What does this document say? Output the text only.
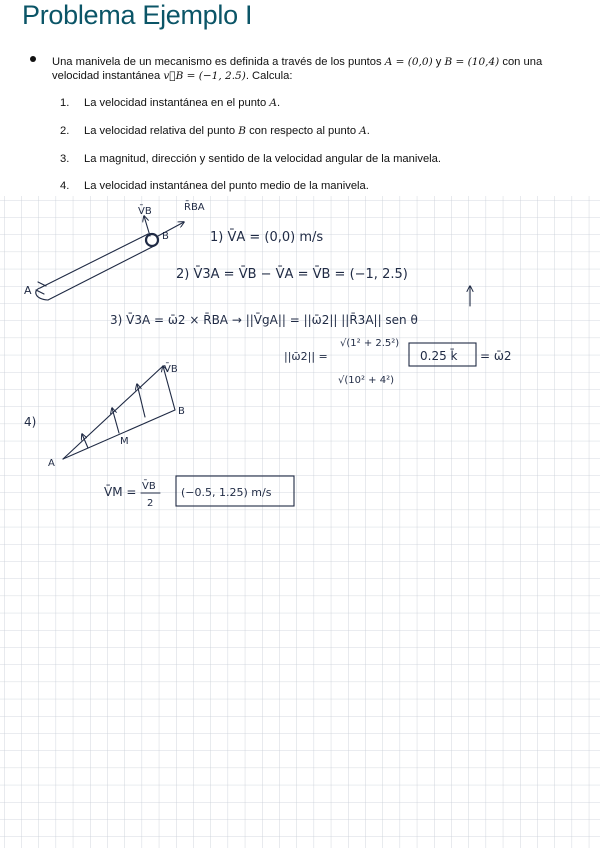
Problema Ejemplo I
Una manivela de un mecanismo es definida a través de los puntos A = (0,0) y B = (10,4) con una velocidad instantánea v⃗B = (−1, 2.5). Calcula:
1. La velocidad instantánea en el punto A.
2. La velocidad relativa del punto B con respecto al punto A.
3. La magnitud, dirección y sentido de la velocidad angular de la manivela.
4. La velocidad instantánea del punto medio de la manivela.
V̄B	R̄BA
B
A
1) V̄A = (0,0) m/s
2) V̄3A = V̄B − V̄A = V̄B = (−1, 2.5)
3) V̄3A = ω̄2 × R̄BA → ||V̄gA|| = ||ω̄2|| ||R̄3A|| sen θ
||ω̄2|| =
√(1² + 2.5²)
√(10² + 4²)
0.25 k̄ = ω̄2
4)
A
B
M
V̄B
V̄M = V̄B
2
(−0.5, 1.25) m/s
